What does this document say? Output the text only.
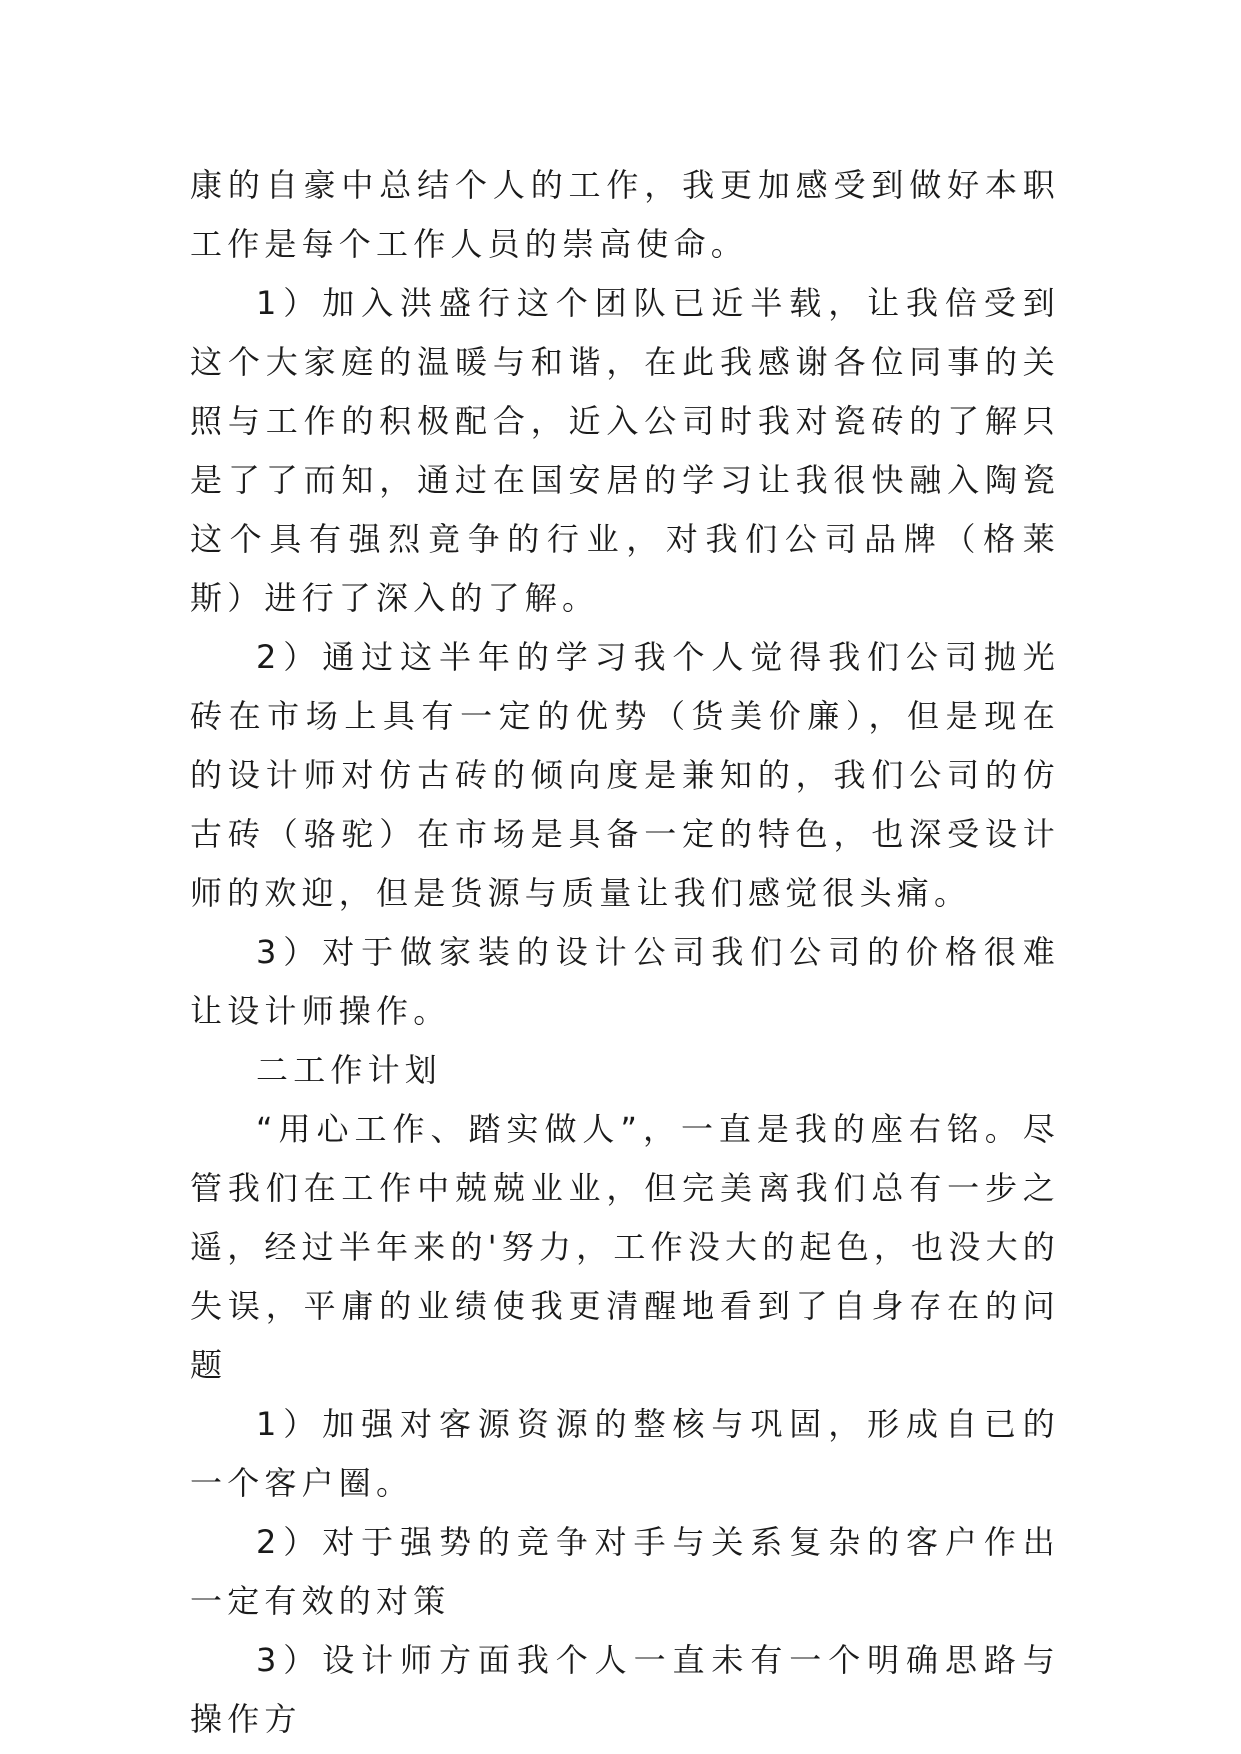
康的自豪中总结个人的工作，我更加感受到做好本职工作是每个工作人员的崇高使命。

1）加入洪盛行这个团队已近半载，让我倍受到这个大家庭的温暖与和谐，在此我感谢各位同事的关照与工作的积极配合，近入公司时我对瓷砖的了解只是了了而知，通过在国安居的学习让我很快融入陶瓷这个具有强烈竟争的行业，对我们公司品牌（格莱斯）进行了深入的了解。

2）通过这半年的学习我个人觉得我们公司抛光砖在市场上具有一定的优势（货美价廉），但是现在的设计师对仿古砖的倾向度是兼知的，我们公司的仿古砖（骆驼）在市场是具备一定的特色，也深受设计师的欢迎，但是货源与质量让我们感觉很头痛。

3）对于做家装的设计公司我们公司的价格很难让设计师操作。

二工作计划

“用心工作、踏实做人”，一直是我的座右铭。尽管我们在工作中兢兢业业，但完美离我们总有一步之遥，经过半年来的'努力，工作没大的起色，也没大的失误，平庸的业绩使我更清醒地看到了自身存在的问题

1）加强对客源资源的整核与巩固，形成自已的一个客户圈。

2）对于强势的竞争对手与关系复杂的客户作出一定有效的对策

3）设计师方面我个人一直未有一个明确思路与操作方
